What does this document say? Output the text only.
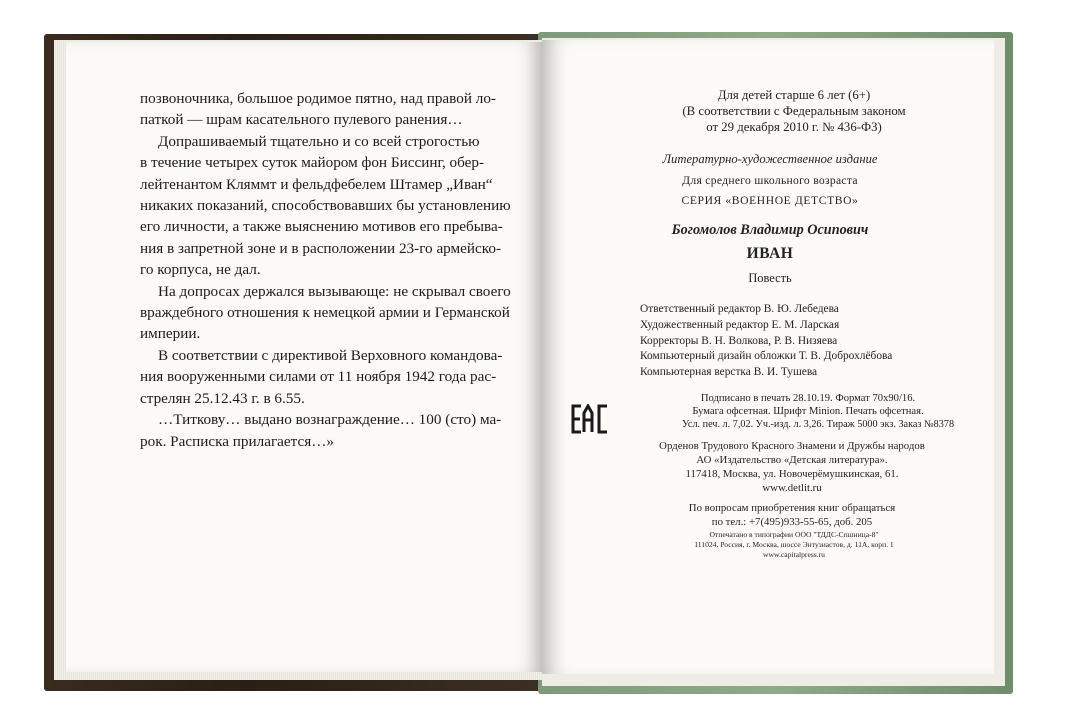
позвоночника, большое родимое пятно, над правой ло-
паткой — шрам касательного пулевого ранения…
Допрашиваемый тщательно и со всей строгостью
в течение четырех суток майором фон Биссинг, обер-
лейтенантом Кляммт и фельдфебелем Штамер „Иван“
никаких показаний, способствовавших бы установлению
его личности, а также выяснению мотивов его пребыва-
ния в запретной зоне и в расположении 23-го армейско-
го корпуса, не дал.
На допросах держался вызывающе: не скрывал своего
враждебного отношения к немецкой армии и Германской
империи.
В соответствии с директивой Верховного командова-
ния вооруженными силами от 11 ноября 1942 года рас-
стрелян 25.12.43 г. в 6.55.
…Титкову… выдано вознаграждение… 100 (сто) ма-
рок. Расписка прилагается…»
Для детей старше 6 лет (6+)
(В соответствии с Федеральным законом
от 29 декабря 2010 г. № 436-ФЗ)
Литературно-художественное издание
Для среднего школьного возраста
СЕРИЯ «ВОЕННОЕ ДЕТСТВО»
Богомолов Владимир Осипович
ИВАН
Повесть
Ответственный редактор В. Ю. Лебедева
Художественный редактор Е. М. Ларская
Корректоры В. Н. Волкова, Р. В. Низяева
Компьютерный дизайн обложки Т. В. Доброхлёбова
Компьютерная верстка В. И. Тушева
Подписано в печать 28.10.19. Формат 70x90/16.
Бумага офсетная. Шрифт Minion. Печать офсетная.
Усл. печ. л. 7,02. Уч.-изд. л. 3,26. Тираж 5000 экз. Заказ №8378
Орденов Трудового Красного Знамени и Дружбы народов
АО «Издательство «Детская литература».
117418, Москва, ул. Новочерёмушкинская, 61.
www.detlit.ru
По вопросам приобретения книг обращаться
по тел.: +7(495)933-55-65, доб. 205
Отпечатано в типографии ООО "ТДДС-Спшница-8"
111024, Россия, г. Москва, шоссе Энтузиастов, д. 11А, корп. 1
www.capitalpress.ru
